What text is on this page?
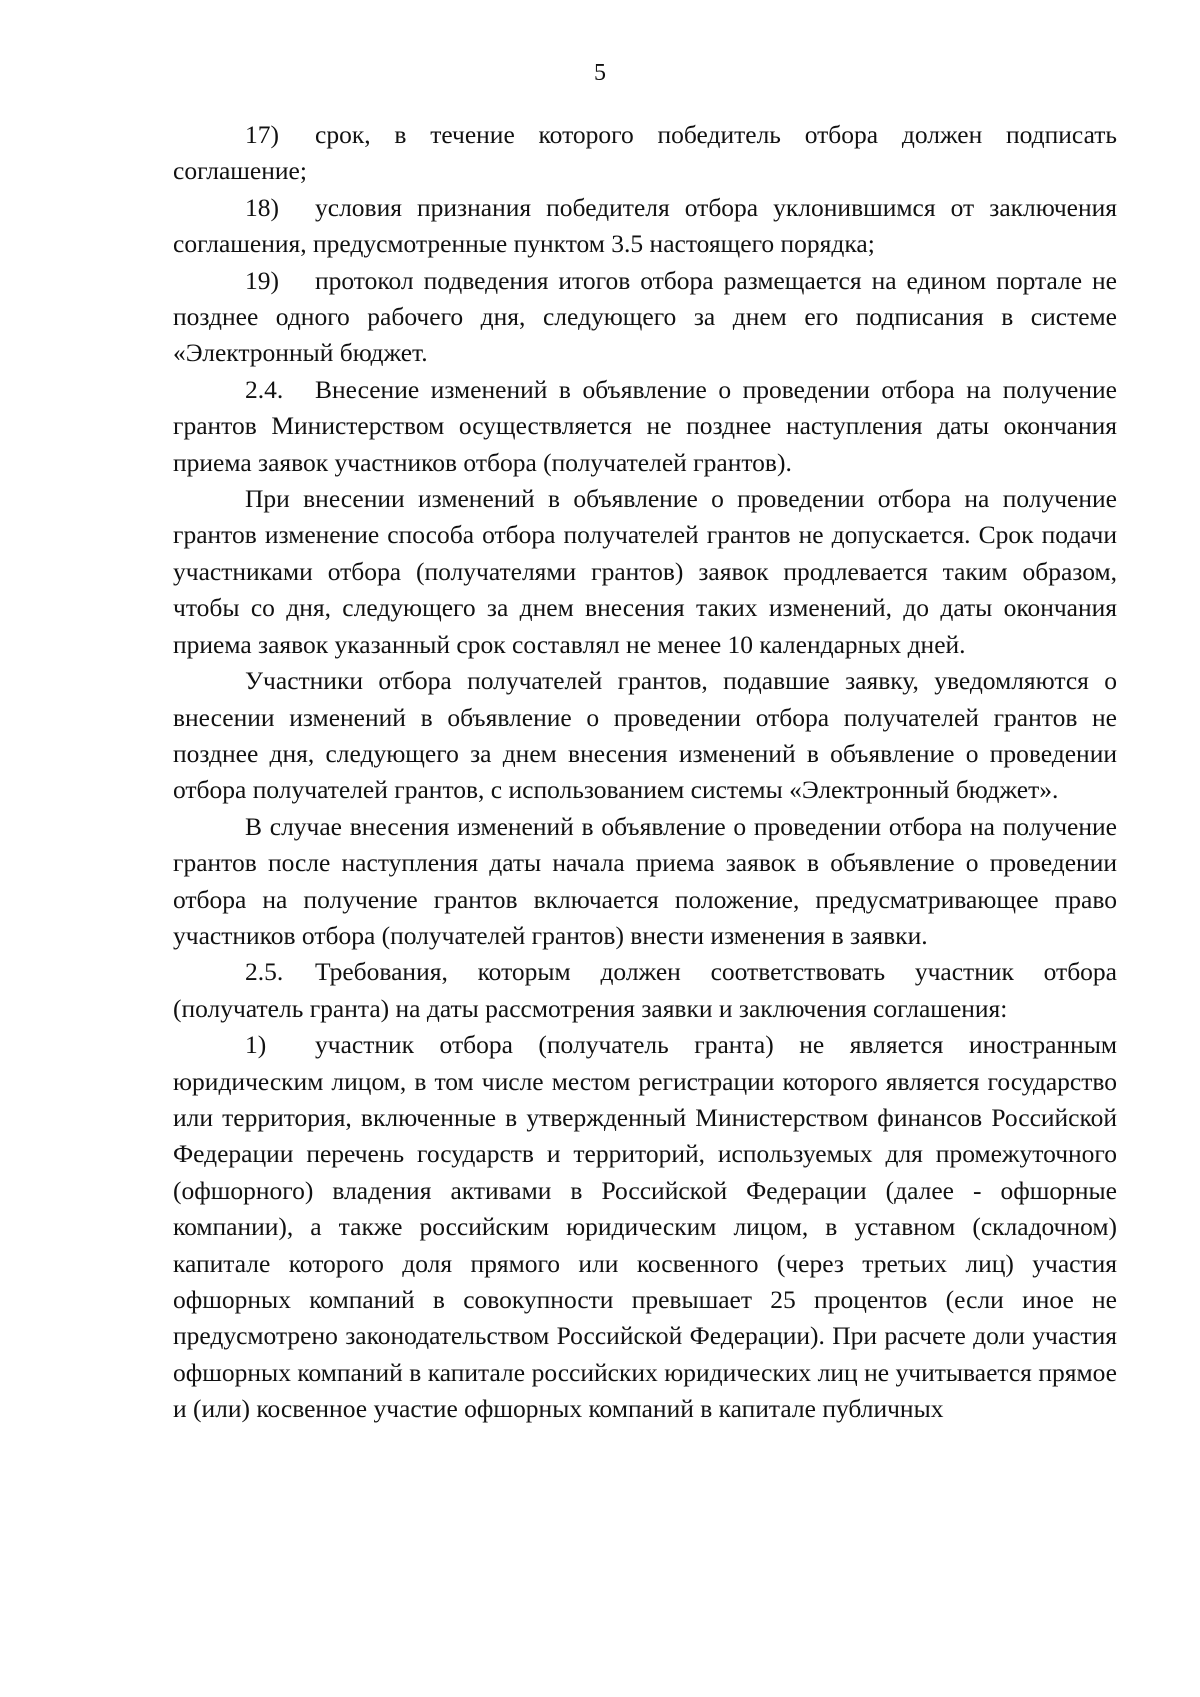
5

17) срок, в течение которого победитель отбора должен подписать соглашение;

18) условия признания победителя отбора уклонившимся от заключения соглашения, предусмотренные пунктом 3.5 настоящего порядка;

19) протокол подведения итогов отбора размещается на едином портале не позднее одного рабочего дня, следующего за днем его подписания в системе «Электронный бюджет.

2.4. Внесение изменений в объявление о проведении отбора на получение грантов Министерством осуществляется не позднее наступления даты окончания приема заявок участников отбора (получателей грантов).

При внесении изменений в объявление о проведении отбора на получение грантов изменение способа отбора получателей грантов не допускается. Срок подачи участниками отбора (получателями грантов) заявок продлевается таким образом, чтобы со дня, следующего за днем внесения таких изменений, до даты окончания приема заявок указанный срок составлял не менее 10 календарных дней.

Участники отбора получателей грантов, подавшие заявку, уведомляются о внесении изменений в объявление о проведении отбора получателей грантов не позднее дня, следующего за днем внесения изменений в объявление о проведении отбора получателей грантов, с использованием системы «Электронный бюджет».

В случае внесения изменений в объявление о проведении отбора на получение грантов после наступления даты начала приема заявок в объявление о проведении отбора на получение грантов включается положение, предусматривающее право участников отбора (получателей грантов) внести изменения в заявки.

2.5. Требования, которым должен соответствовать участник отбора (получатель гранта) на даты рассмотрения заявки и заключения соглашения:

1) участник отбора (получатель гранта) не является иностранным юридическим лицом, в том числе местом регистрации которого является государство или территория, включенные в утвержденный Министерством финансов Российской Федерации перечень государств и территорий, используемых для промежуточного (офшорного) владения активами в Российской Федерации (далее - офшорные компании), а также российским юридическим лицом, в уставном (складочном) капитале которого доля прямого или косвенного (через третьих лиц) участия офшорных компаний в совокупности превышает 25 процентов (если иное не предусмотрено законодательством Российской Федерации). При расчете доли участия офшорных компаний в капитале российских юридических лиц не учитывается прямое и (или) косвенное участие офшорных компаний в капитале публичных
